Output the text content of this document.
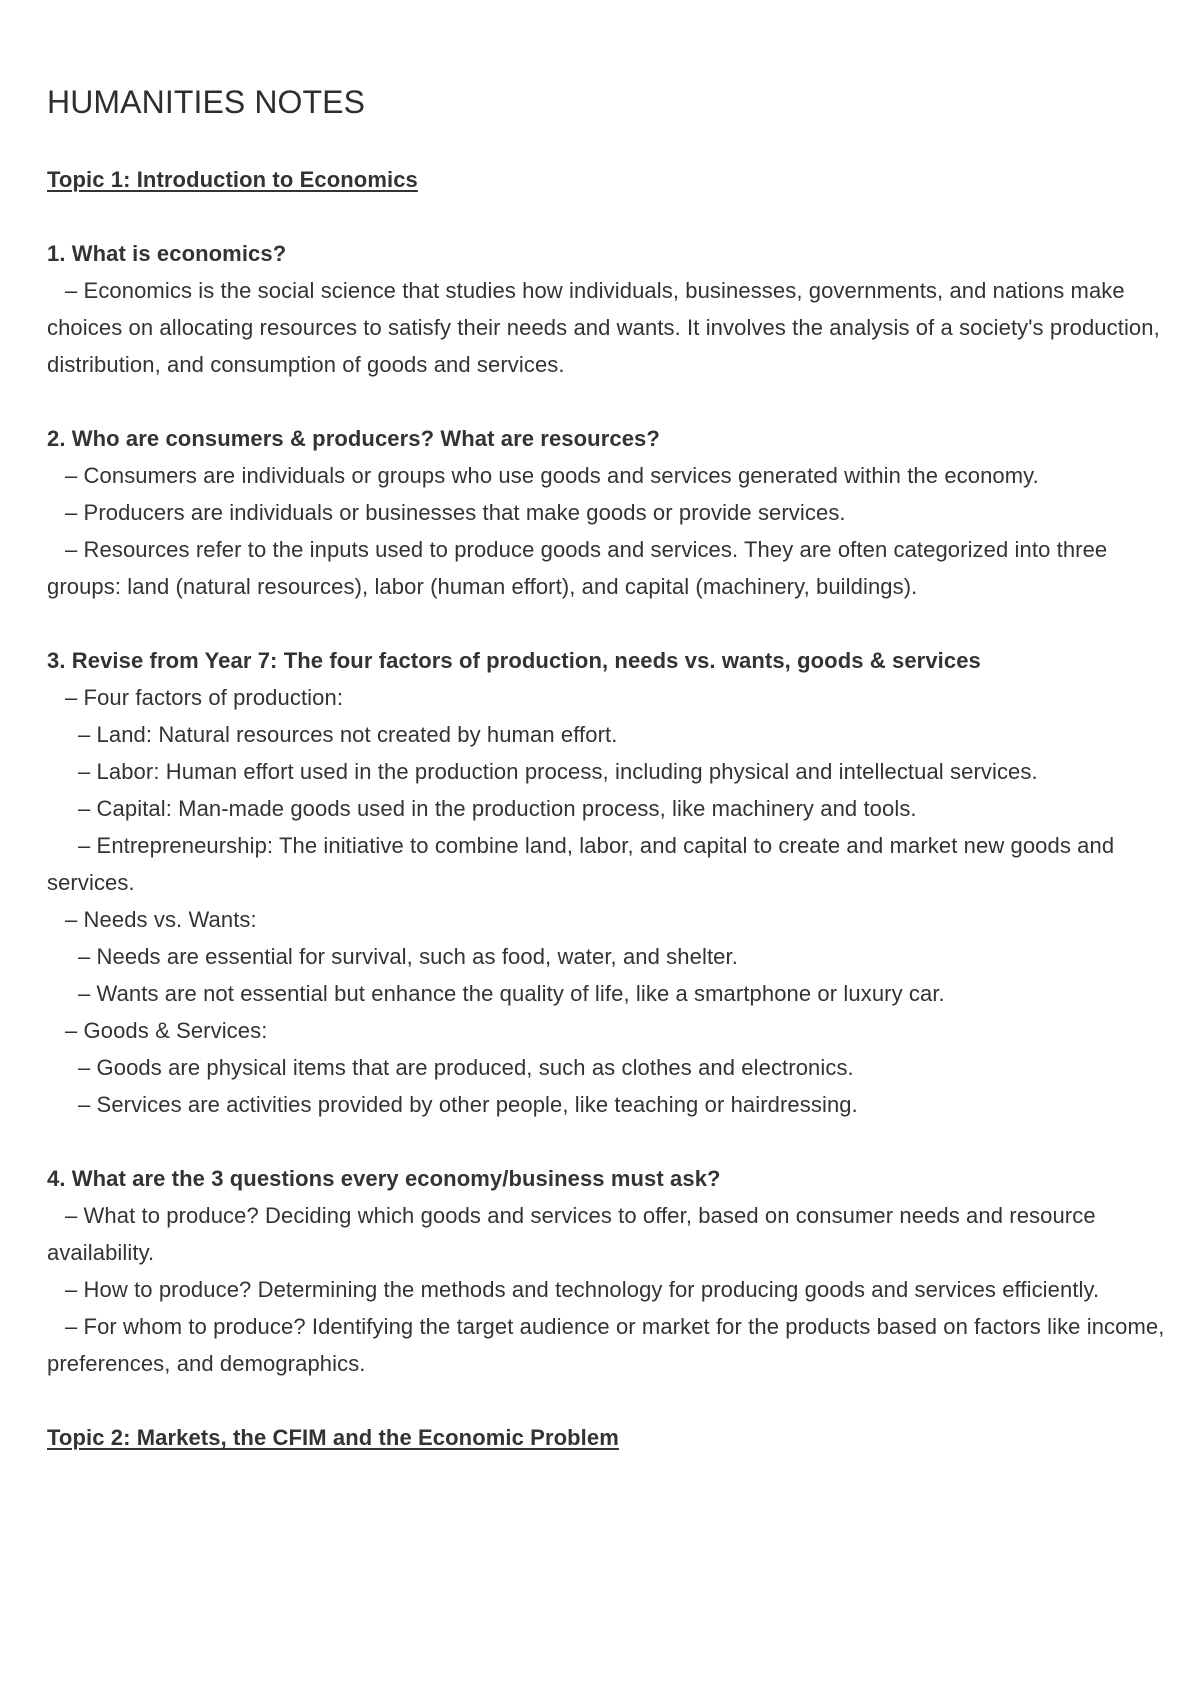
HUMANITIES NOTES

Topic 1: Introduction to Economics

1. What is economics?

– Economics is the social science that studies how individuals, businesses, governments, and nations make choices on allocating resources to satisfy their needs and wants. It involves the analysis of a society's production, distribution, and consumption of goods and services.

2. Who are consumers & producers? What are resources?

– Consumers are individuals or groups who use goods and services generated within the economy.

– Producers are individuals or businesses that make goods or provide services.

– Resources refer to the inputs used to produce goods and services. They are often categorized into three groups: land (natural resources), labor (human effort), and capital (machinery, buildings).

3. Revise from Year 7: The four factors of production, needs vs. wants, goods & services

– Four factors of production:

– Land: Natural resources not created by human effort.

– Labor: Human effort used in the production process, including physical and intellectual services.

– Capital: Man-made goods used in the production process, like machinery and tools.

– Entrepreneurship: The initiative to combine land, labor, and capital to create and market new goods and services.

– Needs vs. Wants:

– Needs are essential for survival, such as food, water, and shelter.

– Wants are not essential but enhance the quality of life, like a smartphone or luxury car.

– Goods & Services:

– Goods are physical items that are produced, such as clothes and electronics.

– Services are activities provided by other people, like teaching or hairdressing.

4. What are the 3 questions every economy/business must ask?

– What to produce? Deciding which goods and services to offer, based on consumer needs and resource availability.

– How to produce? Determining the methods and technology for producing goods and services efficiently.

– For whom to produce? Identifying the target audience or market for the products based on factors like income, preferences, and demographics.

Topic 2: Markets, the CFIM and the Economic Problem
